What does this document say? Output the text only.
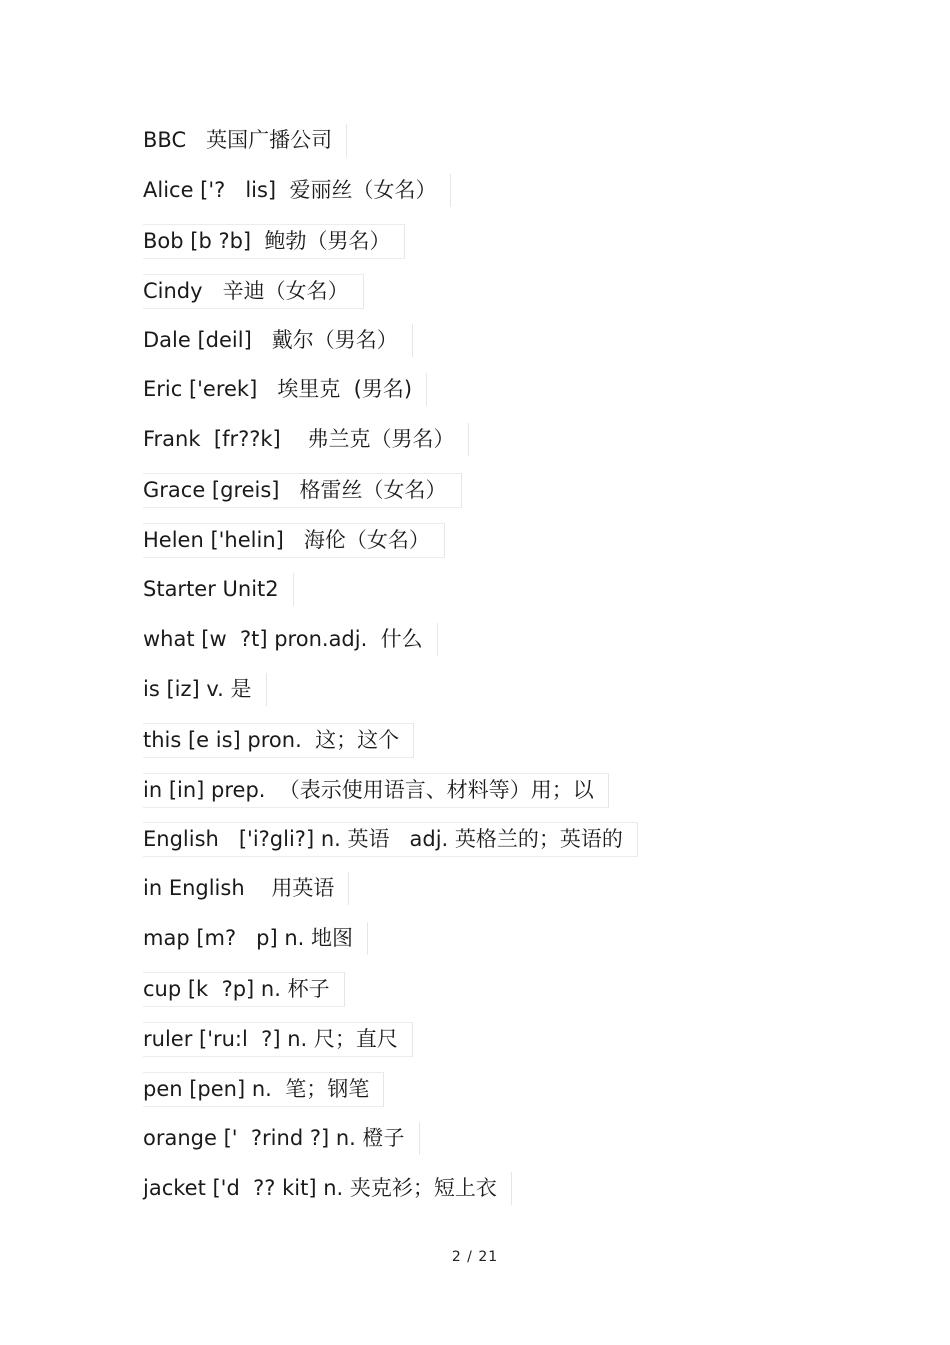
BBC   英国广播公司
Alice ['?   lis]  爱丽丝（女名）
Bob [b ?b]  鲍勃（男名）
Cindy   辛迪（女名）
Dale [deil]   戴尔（男名）
Eric ['erek]   埃里克  (男名)
Frank  [fr??k]    弗兰克（男名）
Grace [greis]   格雷丝（女名）
Helen ['helin]   海伦（女名）
Starter Unit2
what [w  ?t] pron.adj.  什么
is [iz] v. 是
this [e is] pron.  这；这个
in [in] prep.  （表示使用语言、材料等）用；以
English   ['i?gli?] n. 英语   adj. 英格兰的；英语的
in English    用英语
map [m?   p] n. 地图
cup [k  ?p] n. 杯子
ruler ['ru:l  ?] n. 尺；直尺
pen [pen] n.  笔；钢笔
orange ['  ?rind ?] n. 橙子
jacket ['d  ?? kit] n. 夹克衫；短上衣
2 / 21
